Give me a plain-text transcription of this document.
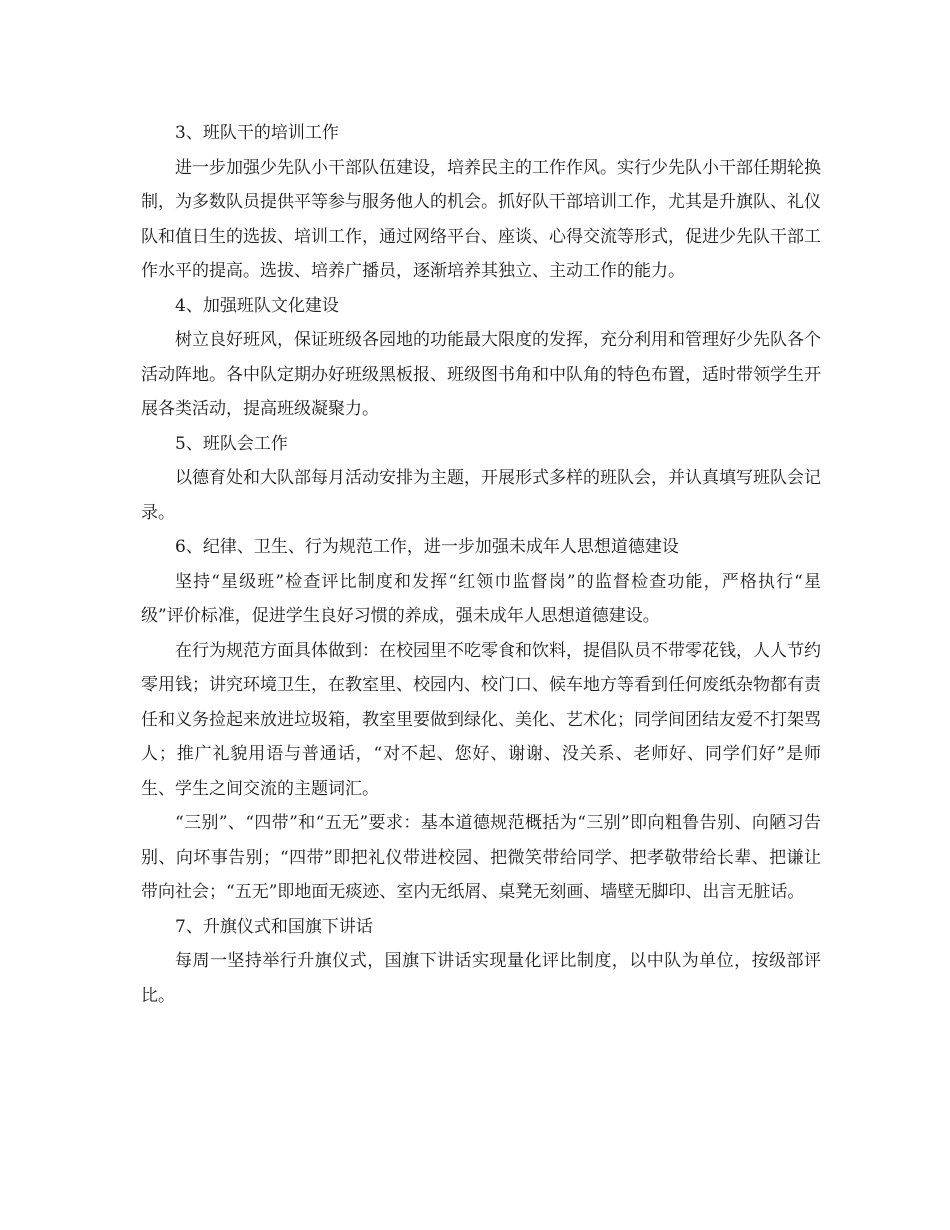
3、班队干的培训工作

进一步加强少先队小干部队伍建设，培养民主的工作作风。实行少先队小干部任期轮换制，为多数队员提供平等参与服务他人的机会。抓好队干部培训工作，尤其是升旗队、礼仪队和值日生的选拔、培训工作，通过网络平台、座谈、心得交流等形式，促进少先队干部工作水平的提高。选拔、培养广播员，逐渐培养其独立、主动工作的能力。

4、加强班队文化建设

树立良好班风，保证班级各园地的功能最大限度的发挥，充分利用和管理好少先队各个活动阵地。各中队定期办好班级黑板报、班级图书角和中队角的特色布置，适时带领学生开展各类活动，提高班级凝聚力。

5、班队会工作

以德育处和大队部每月活动安排为主题，开展形式多样的班队会，并认真填写班队会记录。

6、纪律、卫生、行为规范工作，进一步加强未成年人思想道德建设

坚持“星级班”检查评比制度和发挥“红领巾监督岗”的监督检查功能，严格执行“星级”评价标准，促进学生良好习惯的养成，强未成年人思想道德建设。

在行为规范方面具体做到：在校园里不吃零食和饮料，提倡队员不带零花钱，人人节约零用钱；讲究环境卫生，在教室里、校园内、校门口、候车地方等看到任何废纸杂物都有责任和义务捡起来放进垃圾箱，教室里要做到绿化、美化、艺术化；同学间团结友爱不打架骂人；推广礼貌用语与普通话，“对不起、您好、谢谢、没关系、老师好、同学们好”是师生、学生之间交流的主题词汇。

“三别”、“四带”和“五无”要求：基本道德规范概括为“三别”即向粗鲁告别、向陋习告别、向坏事告别；“四带”即把礼仪带进校园、把微笑带给同学、把孝敬带给长辈、把谦让带向社会；“五无”即地面无痰迹、室内无纸屑、桌凳无刻画、墙壁无脚印、出言无脏话。

7、升旗仪式和国旗下讲话

每周一坚持举行升旗仪式，国旗下讲话实现量化评比制度，以中队为单位，按级部评比。
